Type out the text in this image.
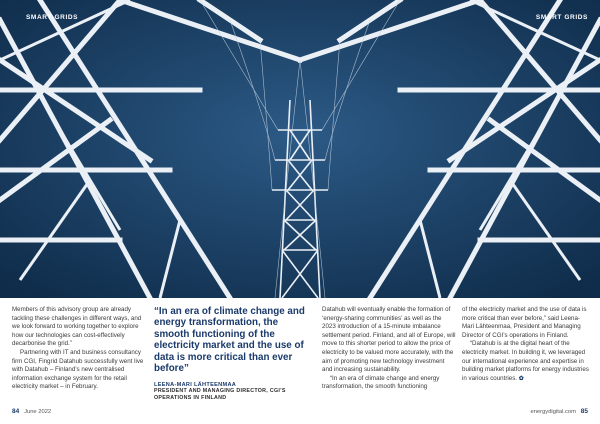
SMART GRIDS	SMART GRIDS

Members of this advisory group are already tackling these challenges in different ways, and we look forward to working together to explore how our technologies can cost-effectively decarbonise the grid.”

Partnering with IT and business consultancy firm CGI, Fingrid Datahub successfully went live with Datahub – Finland’s new centralised information exchange system for the retail electricity market – in February.

“In an era of climate change and energy transformation, the smooth functioning of the electricity market and the use of data is more critical than ever before”

LEENA-MARI LÄHTEENMAA
PRESIDENT AND MANAGING DIRECTOR, CGI’S OPERATIONS IN FINLAND

Datahub will eventually enable the formation of ‘energy-sharing communities’ as well as the 2023 introduction of a 15-minute imbalance settlement period. Finland, and all of Europe, will move to this shorter period to allow the price of electricity to be valued more accurately, with the aim of promoting new technology investment and increasing sustainability.

“In an era of climate change and energy transformation, the smooth functioning

of the electricity market and the use of data is more critical than ever before,” said Leena-Mari Lähteenmaa, President and Managing Director of CGI’s operations in Finland.

“Datahub is at the digital heart of the electricity market. In building it, we leveraged our international experience and expertise in building market platforms for energy industries in various countries. ✿

84 June 2022	energydigital.com 85
